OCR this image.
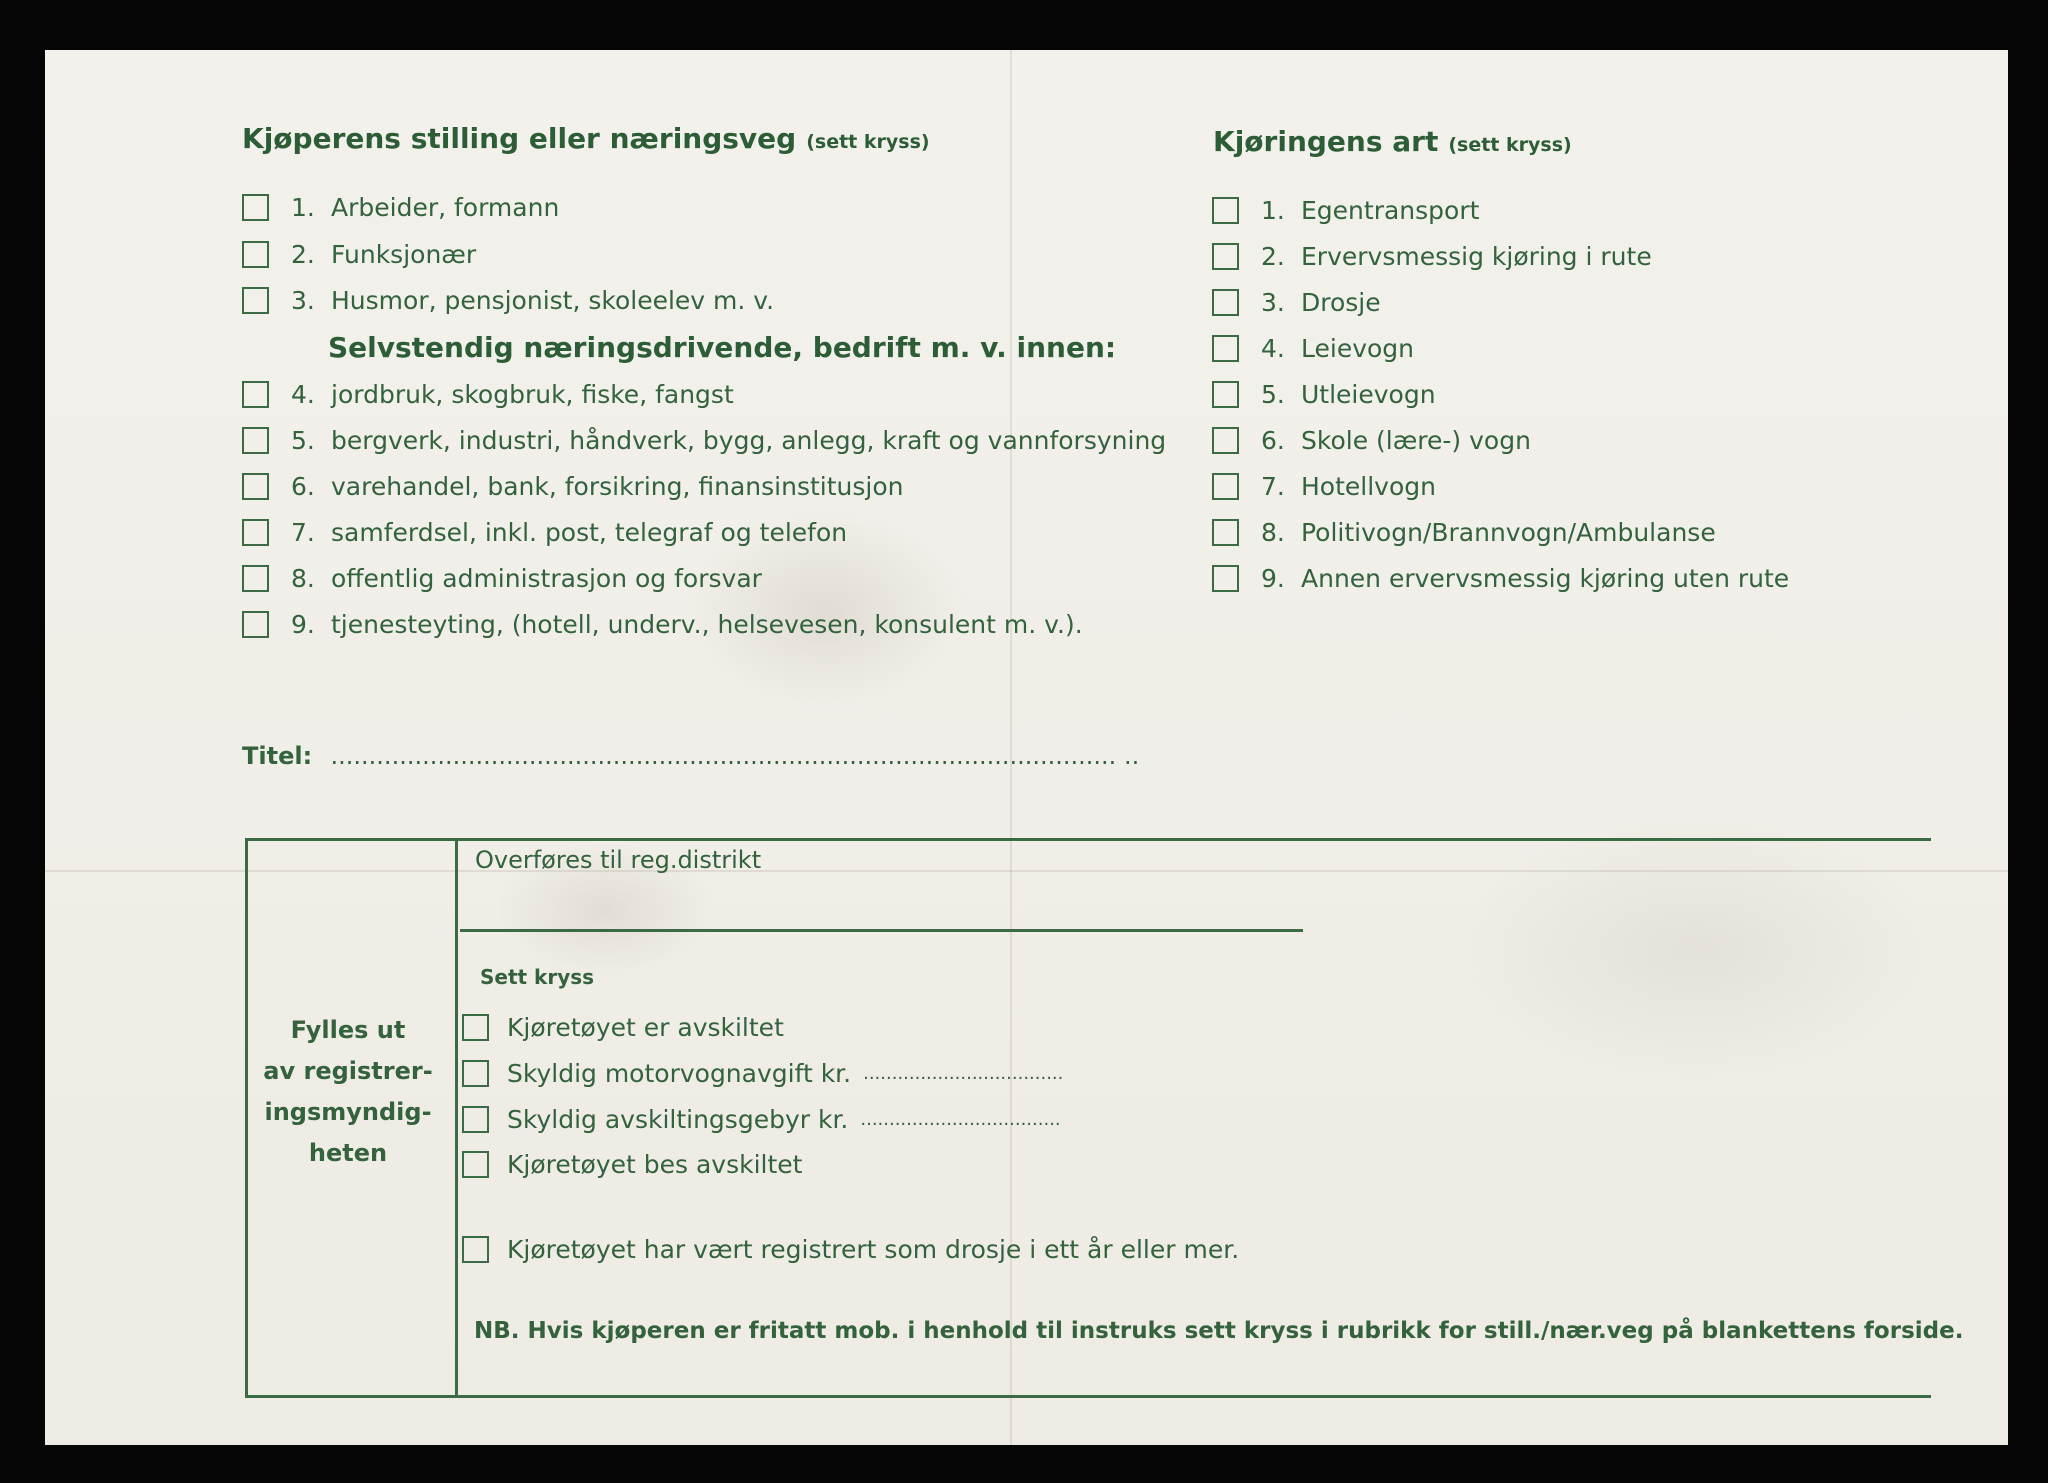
Kjøperens stilling eller næringsveg (sett kryss)
1. Arbeider, formann
2. Funksjonær
3. Husmor, pensjonist, skoleelev m. v.
Selvstendig næringsdrivende, bedrift m. v. innen:
4. jordbruk, skogbruk, fiske, fangst
5. bergverk, industri, håndverk, bygg, anlegg, kraft og vannforsyning
6. varehandel, bank, forsikring, finansinstitusjon
7. samferdsel, inkl. post, telegraf og telefon
8. offentlig administrasjon og forsvar
9. tjenesteyting, (hotell, underv., helsevesen, konsulent m. v.).
Kjøringens art (sett kryss)
1. Egentransport
2. Ervervsmessig kjøring i rute
3. Drosje
4. Leievogn
5. Utleievogn
6. Skole (lære-) vogn
7. Hotellvogn
8. Politivogn/Brannvogn/Ambulanse
9. Annen ervervsmessig kjøring uten rute
Titel: ....................................................................................................... ..
Fylles ut
av registrer-
ingsmyndig-
heten
Overføres til reg.distrikt
Sett kryss
Kjøretøyet er avskiltet
Skyldig motorvognavgift kr. ...................................
Skyldig avskiltingsgebyr kr. ...................................
Kjøretøyet bes avskiltet
Kjøretøyet har vært registrert som drosje i ett år eller mer.
NB. Hvis kjøperen er fritatt mob. i henhold til instruks sett kryss i rubrikk for still./nær.veg på blankettens forside.
